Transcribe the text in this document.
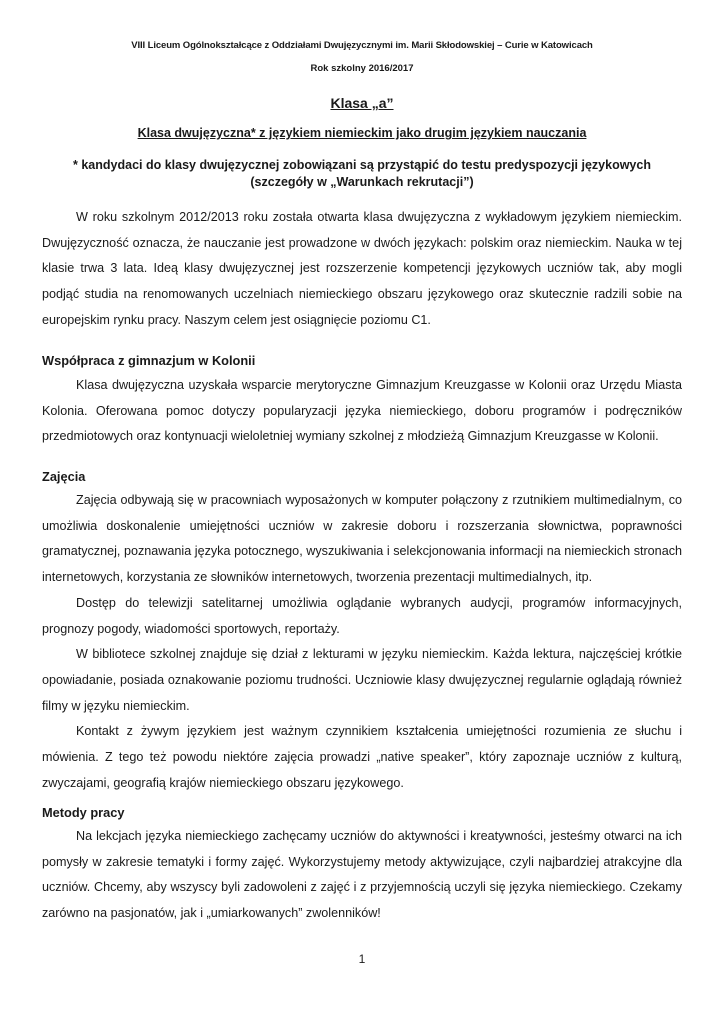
VIII Liceum Ogólnokształcące z Oddziałami Dwujęzycznymi im. Marii Skłodowskiej – Curie w Katowicach
Rok szkolny 2016/2017
Klasa „a”
Klasa dwujęzyczna* z językiem niemieckim jako drugim językiem nauczania
* kandydaci do klasy dwujęzycznej zobowiązani są przystąpić do testu predyspozycji językowych
(szczegóły w „Warunkach rekrutacji”)

W roku szkolnym 2012/2013 roku została otwarta klasa dwujęzyczna z wykładowym językiem niemieckim. Dwujęzyczność oznacza, że nauczanie jest prowadzone w dwóch językach: polskim oraz niemieckim. Nauka w tej klasie trwa 3 lata. Ideą klasy dwujęzycznej jest rozszerzenie kompetencji językowych uczniów tak, aby mogli podjąć studia na renomowanych uczelniach niemieckiego obszaru językowego oraz skutecznie radzili sobie na europejskim rynku pracy. Naszym celem jest osiągnięcie poziomu C1.

Współpraca z gimnazjum w Kolonii

Klasa dwujęzyczna uzyskała wsparcie merytoryczne Gimnazjum Kreuzgasse w Kolonii oraz Urzędu Miasta Kolonia. Oferowana pomoc dotyczy popularyzacji języka niemieckiego, doboru programów i podręczników przedmiotowych oraz kontynuacji wieloletniej wymiany szkolnej z młodzieżą Gimnazjum Kreuzgasse w Kolonii.

Zajęcia

Zajęcia odbywają się w pracowniach wyposażonych w komputer połączony z rzutnikiem multimedialnym, co umożliwia doskonalenie umiejętności uczniów w zakresie doboru i rozszerzania słownictwa, poprawności gramatycznej, poznawania języka potocznego, wyszukiwania i selekcjonowania informacji na niemieckich stronach internetowych, korzystania ze słowników internetowych, tworzenia prezentacji multimedialnych, itp.

Dostęp do telewizji satelitarnej umożliwia oglądanie wybranych audycji, programów informacyjnych, prognozy pogody, wiadomości sportowych, reportaży.

W bibliotece szkolnej znajduje się dział z lekturami w języku niemieckim. Każda lektura, najczęściej krótkie opowiadanie, posiada oznakowanie poziomu trudności. Uczniowie klasy dwujęzycznej regularnie oglądają również filmy w języku niemieckim.

Kontakt z żywym językiem jest ważnym czynnikiem kształcenia umiejętności rozumienia ze słuchu i mówienia. Z tego też powodu niektóre zajęcia prowadzi „native speaker”, który zapoznaje uczniów z kulturą, zwyczajami, geografią krajów niemieckiego obszaru językowego.

Metody pracy

Na lekcjach języka niemieckiego zachęcamy uczniów do aktywności i kreatywności, jesteśmy otwarci na ich pomysły w zakresie tematyki i formy zajęć. Wykorzystujemy metody aktywizujące, czyli najbardziej atrakcyjne dla uczniów. Chcemy, aby wszyscy byli zadowoleni z zajęć i z przyjemnością uczyli się języka niemieckiego. Czekamy zarówno na pasjonatów, jak i „umiarkowanych” zwolenników!

1
